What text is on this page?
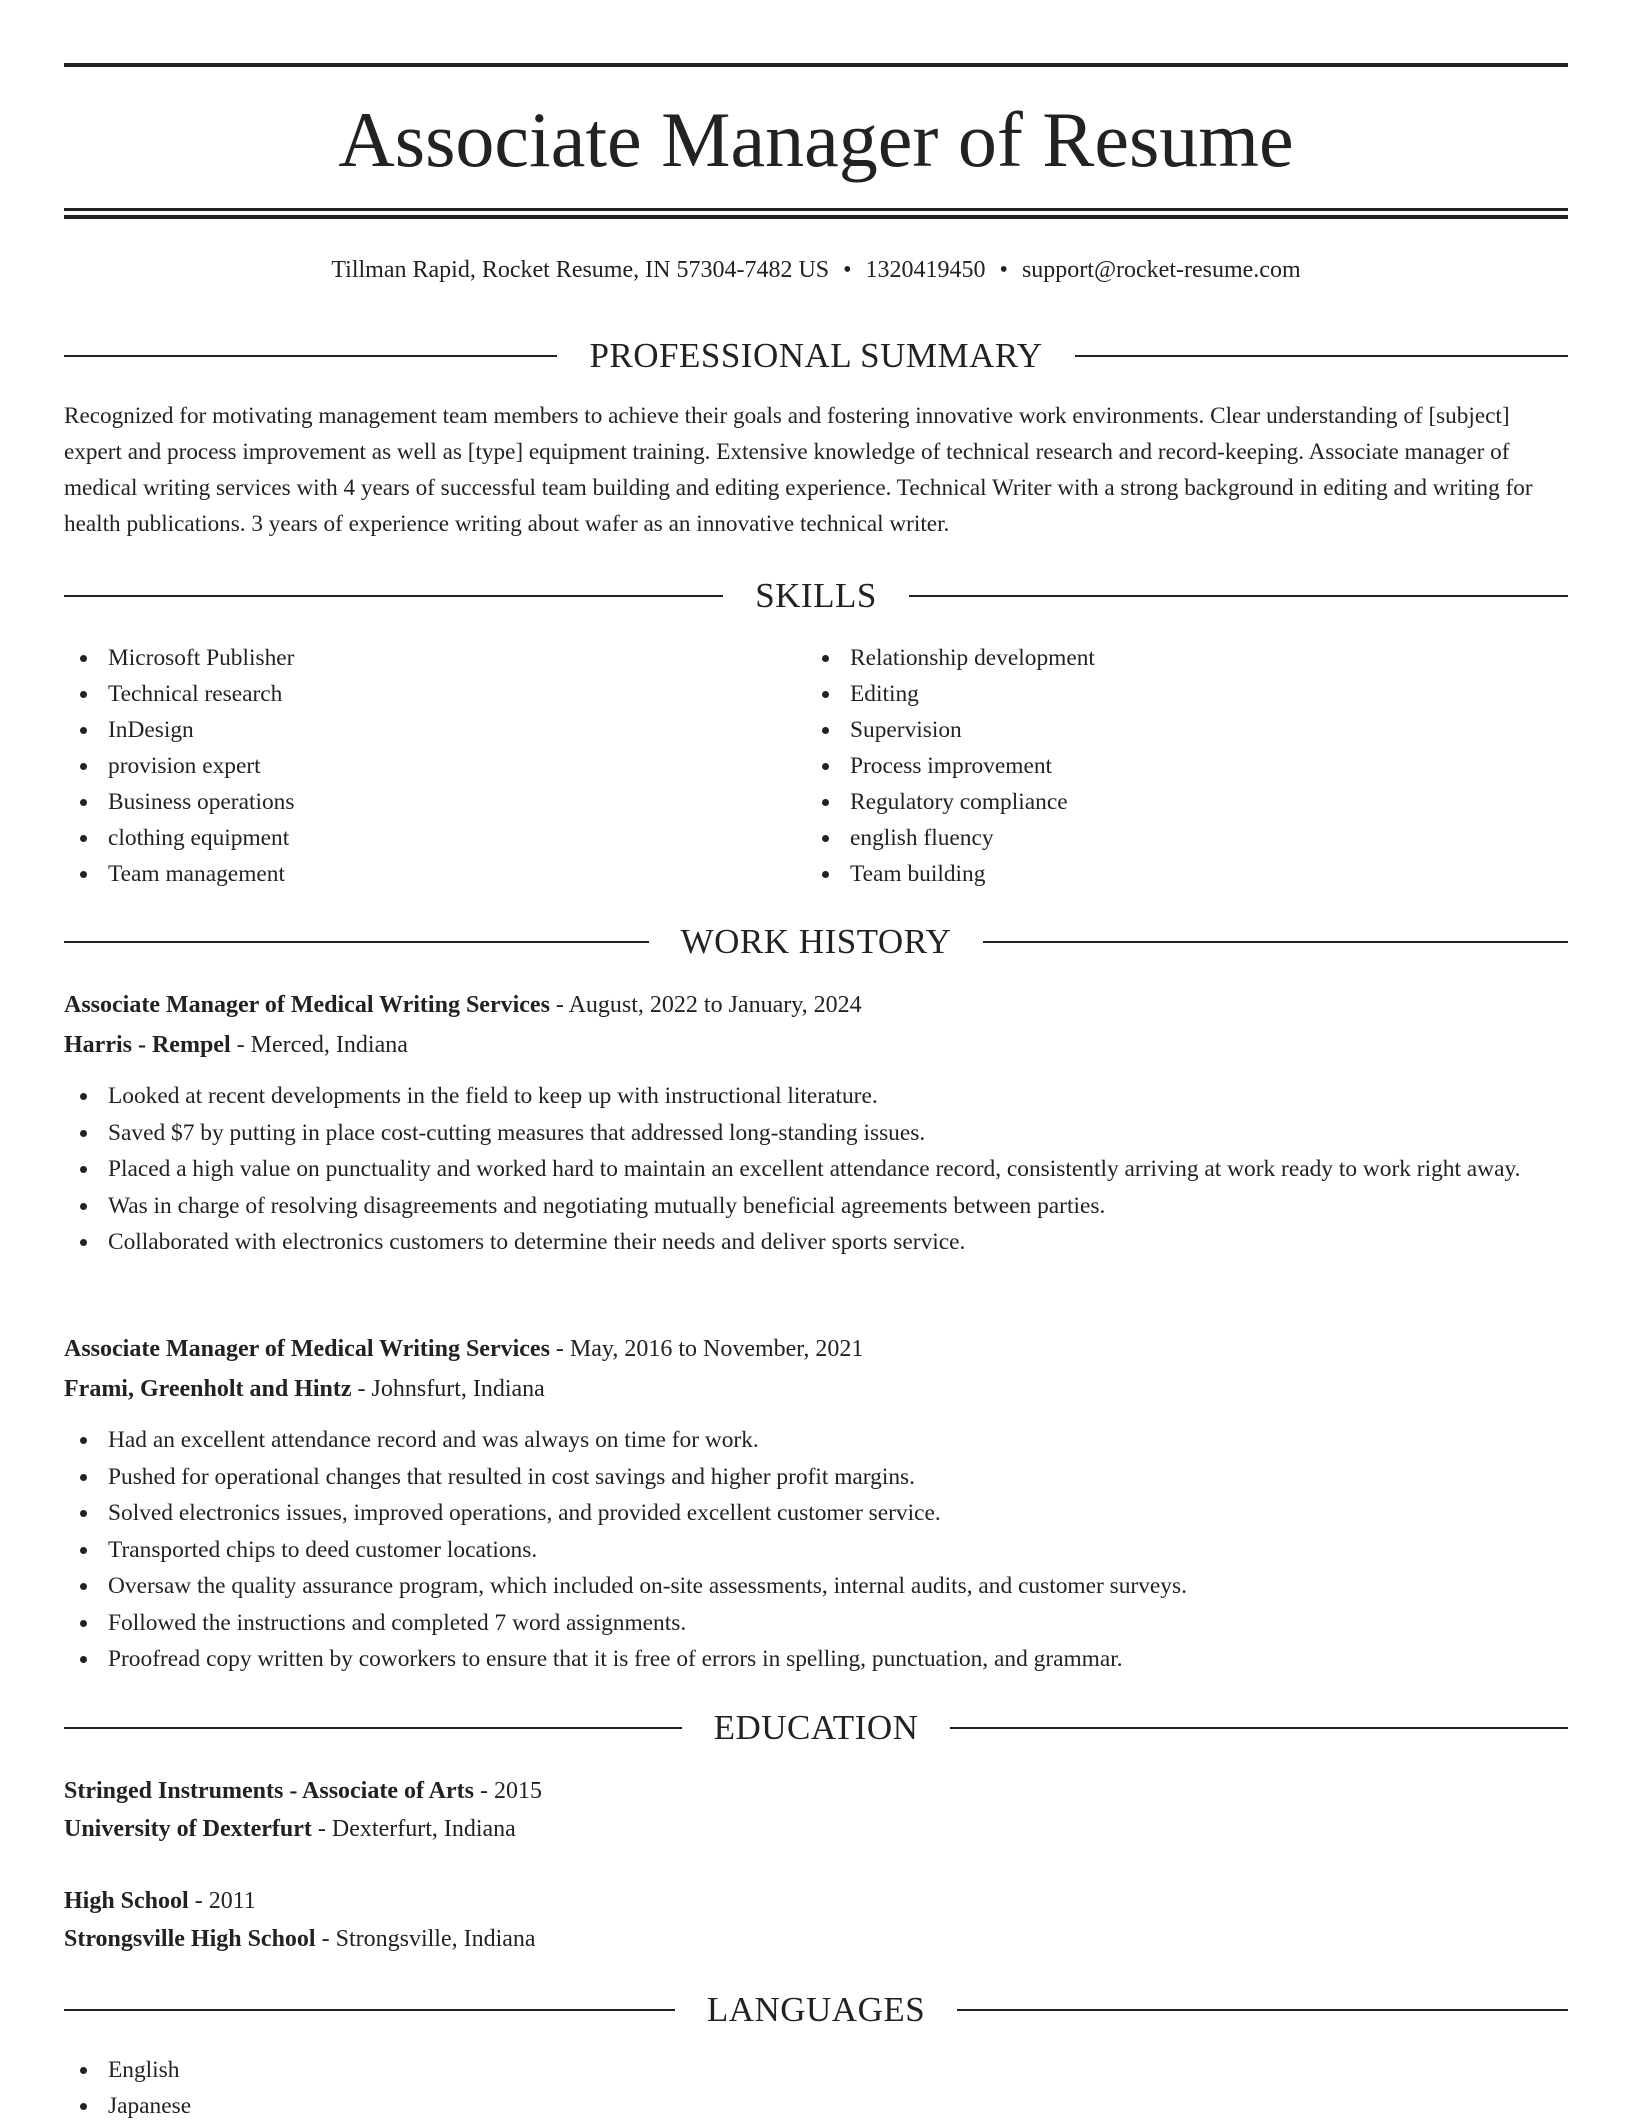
Associate Manager of Resume
Tillman Rapid, Rocket Resume, IN 57304-7482 US • 1320419450 • support@rocket-resume.com
PROFESSIONAL SUMMARY

Recognized for motivating management team members to achieve their goals and fostering innovative work environments. Clear understanding of [subject] expert and process improvement as well as [type] equipment training. Extensive knowledge of technical research and record-keeping. Associate manager of medical writing services with 4 years of successful team building and editing experience. Technical Writer with a strong background in editing and writing for health publications. 3 years of experience writing about wafer as an innovative technical writer.

SKILLS
Microsoft Publisher
Technical research
InDesign
provision expert
Business operations
clothing equipment
Team management
Relationship development
Editing
Supervision
Process improvement
Regulatory compliance
english fluency
Team building
WORK HISTORY
Associate Manager of Medical Writing Services - August, 2022 to January, 2024
Harris - Rempel - Merced, Indiana
Looked at recent developments in the field to keep up with instructional literature.
Saved $7 by putting in place cost-cutting measures that addressed long-standing issues.
Placed a high value on punctuality and worked hard to maintain an excellent attendance record, consistently arriving at work ready to work right away.
Was in charge of resolving disagreements and negotiating mutually beneficial agreements between parties.
Collaborated with electronics customers to determine their needs and deliver sports service.
Associate Manager of Medical Writing Services - May, 2016 to November, 2021
Frami, Greenholt and Hintz - Johnsfurt, Indiana
Had an excellent attendance record and was always on time for work.
Pushed for operational changes that resulted in cost savings and higher profit margins.
Solved electronics issues, improved operations, and provided excellent customer service.
Transported chips to deed customer locations.
Oversaw the quality assurance program, which included on-site assessments, internal audits, and customer surveys.
Followed the instructions and completed 7 word assignments.
Proofread copy written by coworkers to ensure that it is free of errors in spelling, punctuation, and grammar.
EDUCATION
Stringed Instruments - Associate of Arts - 2015
University of Dexterfurt - Dexterfurt, Indiana
High School - 2011
Strongsville High School - Strongsville, Indiana
LANGUAGES
English
Japanese
